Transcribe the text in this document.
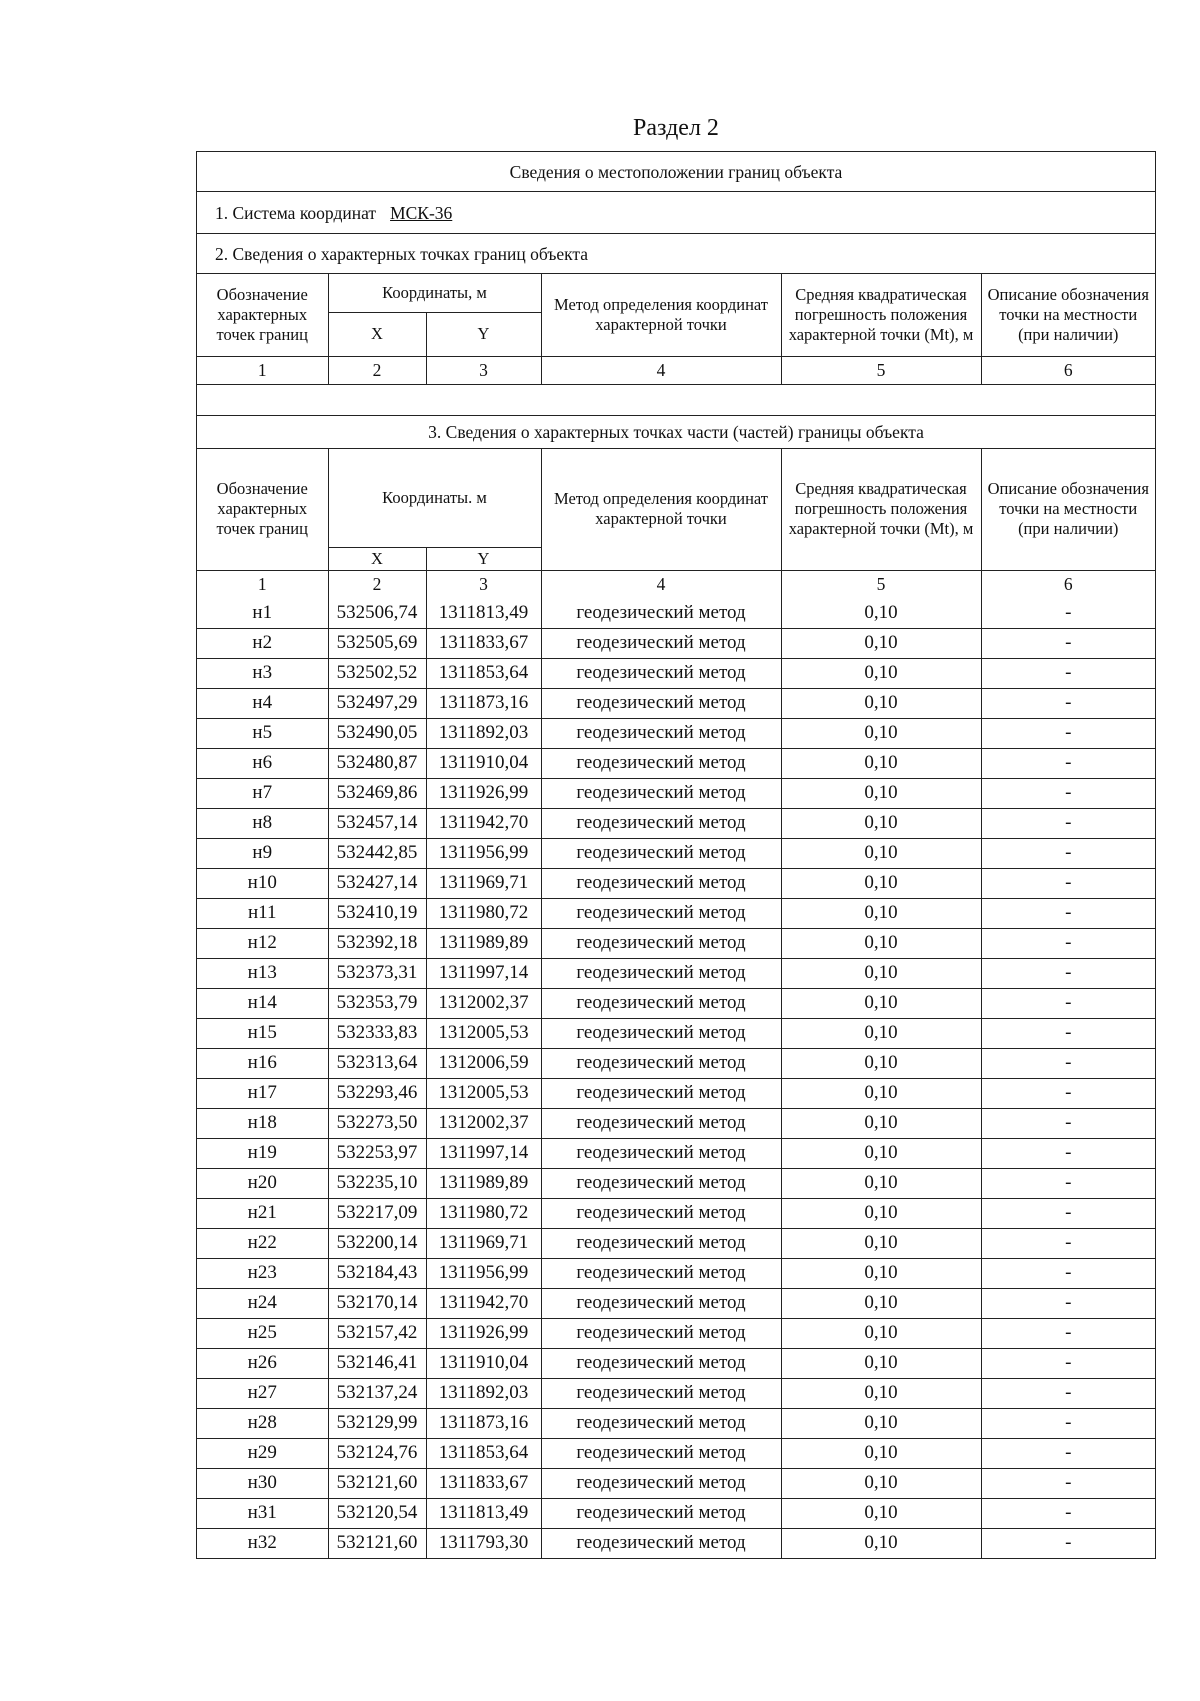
Раздел 2
Сведения о местоположении границ объекта
1. Система координат МСК-36
2. Сведения о характерных точках границ объекта
Обозначение характерных точек границ	Координаты, м		Метод определения координат характерной точки	Средняя квадратическая погрешность положения характерной точки (Mt), м	Описание обозначения точки на местности (при наличии)
	X	Y			
1	2	3	4	5	6
3. Сведения о характерных точках части (частей) границы объекта
Обозначение характерных точек границ	Координаты. м		Метод определения координат характерной точки	Средняя квадратическая погрешность положения характерной точки (Mt), м	Описание обозначения точки на местности (при наличии)
	X	Y			
1	2	3	4	5	6
н1	532506,74	1311813,49	геодезический метод	0,10	-
н2	532505,69	1311833,67	геодезический метод	0,10	-
н3	532502,52	1311853,64	геодезический метод	0,10	-
н4	532497,29	1311873,16	геодезический метод	0,10	-
н5	532490,05	1311892,03	геодезический метод	0,10	-
н6	532480,87	1311910,04	геодезический метод	0,10	-
н7	532469,86	1311926,99	геодезический метод	0,10	-
н8	532457,14	1311942,70	геодезический метод	0,10	-
н9	532442,85	1311956,99	геодезический метод	0,10	-
н10	532427,14	1311969,71	геодезический метод	0,10	-
н11	532410,19	1311980,72	геодезический метод	0,10	-
н12	532392,18	1311989,89	геодезический метод	0,10	-
н13	532373,31	1311997,14	геодезический метод	0,10	-
н14	532353,79	1312002,37	геодезический метод	0,10	-
н15	532333,83	1312005,53	геодезический метод	0,10	-
н16	532313,64	1312006,59	геодезический метод	0,10	-
н17	532293,46	1312005,53	геодезический метод	0,10	-
н18	532273,50	1312002,37	геодезический метод	0,10	-
н19	532253,97	1311997,14	геодезический метод	0,10	-
н20	532235,10	1311989,89	геодезический метод	0,10	-
н21	532217,09	1311980,72	геодезический метод	0,10	-
н22	532200,14	1311969,71	геодезический метод	0,10	-
н23	532184,43	1311956,99	геодезический метод	0,10	-
н24	532170,14	1311942,70	геодезический метод	0,10	-
н25	532157,42	1311926,99	геодезический метод	0,10	-
н26	532146,41	1311910,04	геодезический метод	0,10	-
н27	532137,24	1311892,03	геодезический метод	0,10	-
н28	532129,99	1311873,16	геодезический метод	0,10	-
н29	532124,76	1311853,64	геодезический метод	0,10	-
н30	532121,60	1311833,67	геодезический метод	0,10	-
н31	532120,54	1311813,49	геодезический метод	0,10	-
н32	532121,60	1311793,30	геодезический метод	0,10	-
